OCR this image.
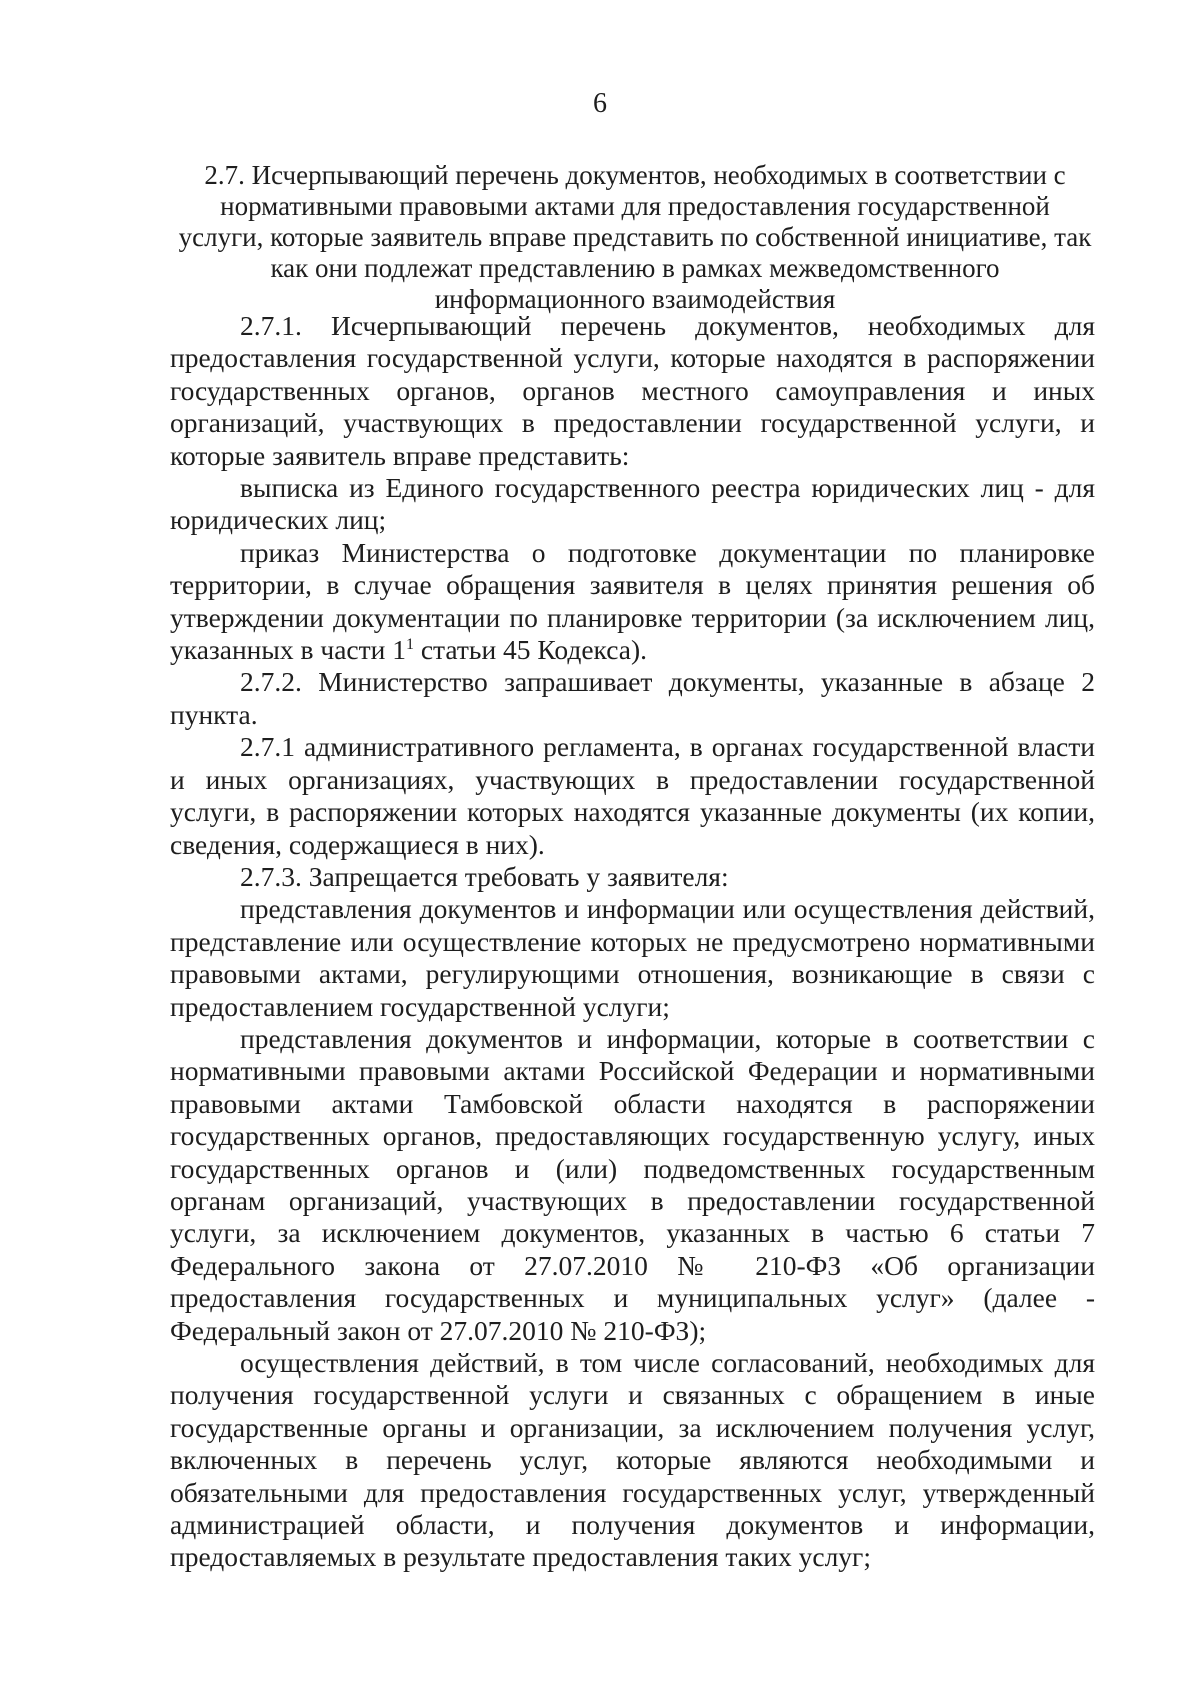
6
2.7. Исчерпывающий перечень документов, необходимых в соответствии с нормативными правовыми актами для предоставления государственной услуги, которые заявитель вправе представить по собственной инициативе, так как они подлежат представлению в рамках межведомственного информационного взаимодействия

2.7.1. Исчерпывающий перечень документов, необходимых для предоставления государственной услуги, которые находятся в распоряжении государственных органов, органов местного самоуправления и иных организаций, участвующих в предоставлении государственной услуги, и которые заявитель вправе представить:

выписка из Единого государственного реестра юридических лиц - для юридических лиц;

приказ Министерства о подготовке документации по планировке территории, в случае обращения заявителя в целях принятия решения об утверждении документации по планировке территории (за исключением лиц, указанных в части $1^1$ статьи 45 Кодекса).

2.7.2. Министерство запрашивает документы, указанные в абзаце 2 пункта.

2.7.1 административного регламента, в органах государственной власти и иных организациях, участвующих в предоставлении государственной услуги, в распоряжении которых находятся указанные документы (их копии, сведения, содержащиеся в них).

2.7.3. Запрещается требовать у заявителя:

представления документов и информации или осуществления действий, представление или осуществление которых не предусмотрено нормативными правовыми актами, регулирующими отношения, возникающие в связи с предоставлением государственной услуги;

представления документов и информации, которые в соответствии с нормативными правовыми актами Российской Федерации и нормативными правовыми актами Тамбовской области находятся в распоряжении государственных органов, предоставляющих государственную услугу, иных государственных органов и (или) подведомственных государственным органам организаций, участвующих в предоставлении государственной услуги, за исключением документов, указанных в частью 6 статьи 7 Федерального закона от 27.07.2010 № 210-ФЗ «Об организации предоставления государственных и муниципальных услуг» (далее - Федеральный закон от 27.07.2010 № 210-ФЗ);

осуществления действий, в том числе согласований, необходимых для получения государственной услуги и связанных с обращением в иные государственные органы и организации, за исключением получения услуг, включенных в перечень услуг, которые являются необходимыми и обязательными для предоставления государственных услуг, утвержденный администрацией области, и получения документов и информации, предоставляемых в результате предоставления таких услуг;
